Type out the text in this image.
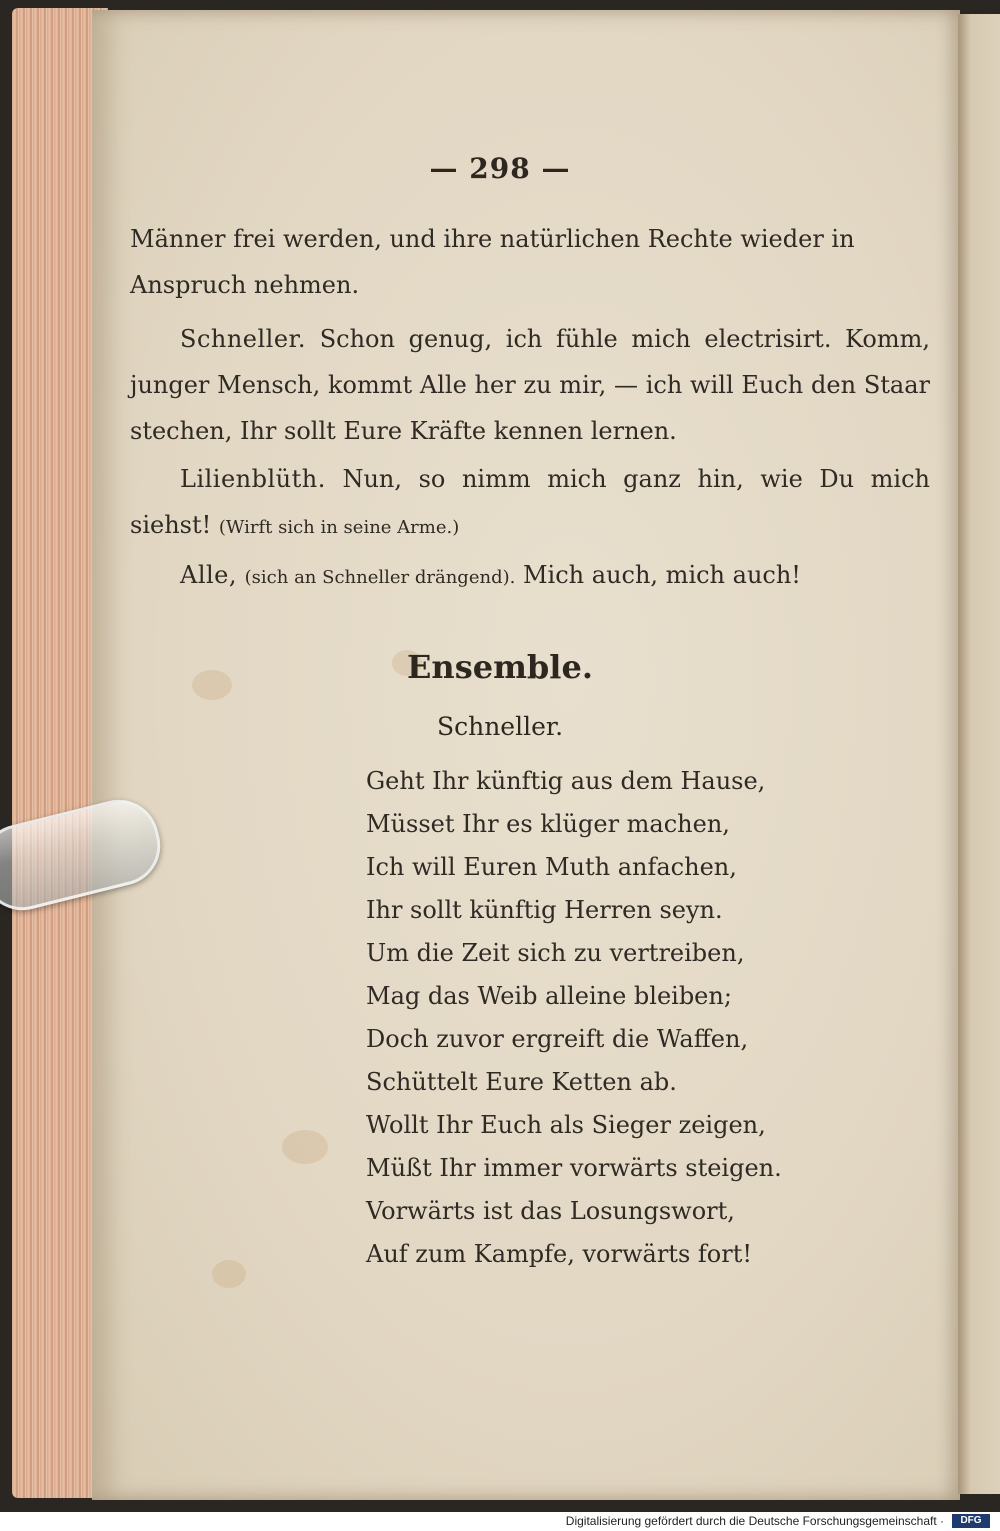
— 298 —
Männer frei werden, und ihre natürlichen Rechte wieder in
Anspruch nehmen.
Schneller. Schon genug, ich fühle mich electrisirt. Komm, junger Mensch, kommt Alle her zu mir, — ich will Euch den Staar stechen, Ihr sollt Eure Kräfte kennen lernen.
Lilienblüth. Nun, so nimm mich ganz hin, wie Du mich siehst! (Wirft sich in seine Arme.)
Alle, (sich an Schneller drängend). Mich auch, mich auch!
Ensemble.
Schneller.
Geht Ihr künftig aus dem Hause,
Müsset Ihr es klüger machen,
Ich will Euren Muth anfachen,
Ihr sollt künftig Herren seyn.
Um die Zeit sich zu vertreiben,
Mag das Weib alleine bleiben;
Doch zuvor ergreift die Waffen,
Schüttelt Eure Ketten ab.
Wollt Ihr Euch als Sieger zeigen,
Müßt Ihr immer vorwärts steigen.
Vorwärts ist das Losungswort,
Auf zum Kampfe, vorwärts fort!
Digitalisierung gefördert durch die Deutsche Forschungsgemeinschaft ·	DFG
